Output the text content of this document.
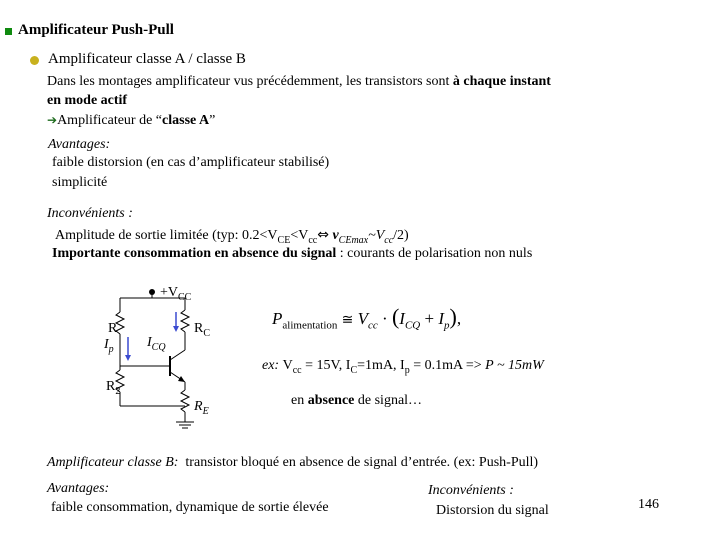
Amplificateur Push-Pull
Amplificateur classe A / classe B
Dans les montages amplificateur vus précédemment, les transistors sont à chaque instant
en mode actif
➔Amplificateur de “classe A”
Avantages:
faible distorsion (en cas d’amplificateur stabilisé)
simplicité
Inconvénients :
Amplitude de sortie limitée (typ: $0.2<V_{CE}<V_{cc}\Leftrightarrow$ $v_{CEmax}\sim V_{cc}/2$)
Importante consommation en absence du signal : courants de polarisation non nuls
$+V_{CC}$
R
$I_p$
$R_2$
$R_C$
$I_{CQ}$
$R_E$
$P_{alimentation}$ ≅ $V_{cc} \cdot (I_{CQ} + I_p)$,
ex: $V_{cc} = 15V$, $I_C=1mA$, $I_p = 0.1mA => P$ ~ 15mW
en absence de signal…
Amplificateur classe B: transistor bloqué en absence de signal d’entrée. (ex: Push-Pull)
Avantages:
faible consommation, dynamique de sortie élevée
Inconvénients :
Distorsion du signal	146
